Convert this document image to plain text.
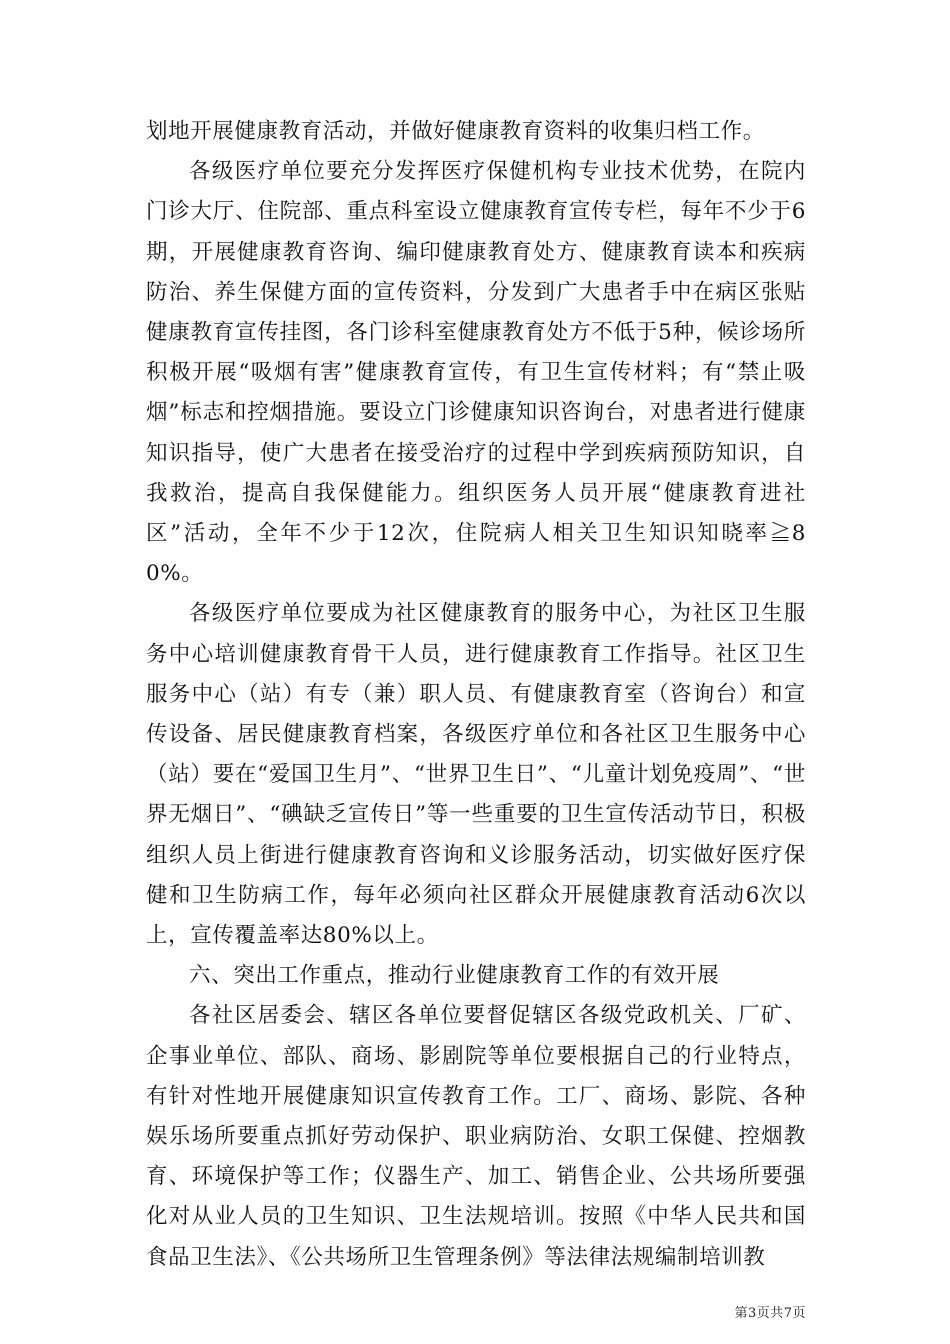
划地开展健康教育活动，并做好健康教育资料的收集归档工作。

各级医疗单位要充分发挥医疗保健机构专业技术优势，在院内门诊大厅、住院部、重点科室设立健康教育宣传专栏，每年不少于6期，开展健康教育咨询、编印健康教育处方、健康教育读本和疾病防治、养生保健方面的宣传资料，分发到广大患者手中在病区张贴健康教育宣传挂图，各门诊科室健康教育处方不低于5种，候诊场所积极开展“吸烟有害”健康教育宣传，有卫生宣传材料；有“禁止吸烟”标志和控烟措施。要设立门诊健康知识咨询台，对患者进行健康知识指导，使广大患者在接受治疗的过程中学到疾病预防知识，自我救治，提高自我保健能力。组织医务人员开展“健康教育进社区”活动，全年不少于12次，住院病人相关卫生知识知晓率≧80%。

各级医疗单位要成为社区健康教育的服务中心，为社区卫生服务中心培训健康教育骨干人员，进行健康教育工作指导。社区卫生服务中心（站）有专（兼）职人员、有健康教育室（咨询台）和宣传设备、居民健康教育档案，各级医疗单位和各社区卫生服务中心（站）要在“爱国卫生月”、“世界卫生日”、“儿童计划免疫周”、“世界无烟日”、“碘缺乏宣传日”等一些重要的卫生宣传活动节日，积极组织人员上街进行健康教育咨询和义诊服务活动，切实做好医疗保健和卫生防病工作，每年必须向社区群众开展健康教育活动6次以上，宣传覆盖率达80%以上。

六、突出工作重点，推动行业健康教育工作的有效开展

各社区居委会、辖区各单位要督促辖区各级党政机关、厂矿、企事业单位、部队、商场、影剧院等单位要根据自己的行业特点，有针对性地开展健康知识宣传教育工作。工厂、商场、影院、各种娱乐场所要重点抓好劳动保护、职业病防治、女职工保健、控烟教育、环境保护等工作；仪器生产、加工、销售企业、公共场所要强化对从业人员的卫生知识、卫生法规培训。按照《中华人民共和国食品卫生法》、《公共场所卫生管理条例》等法律法规编制培训教

第3页共7页
